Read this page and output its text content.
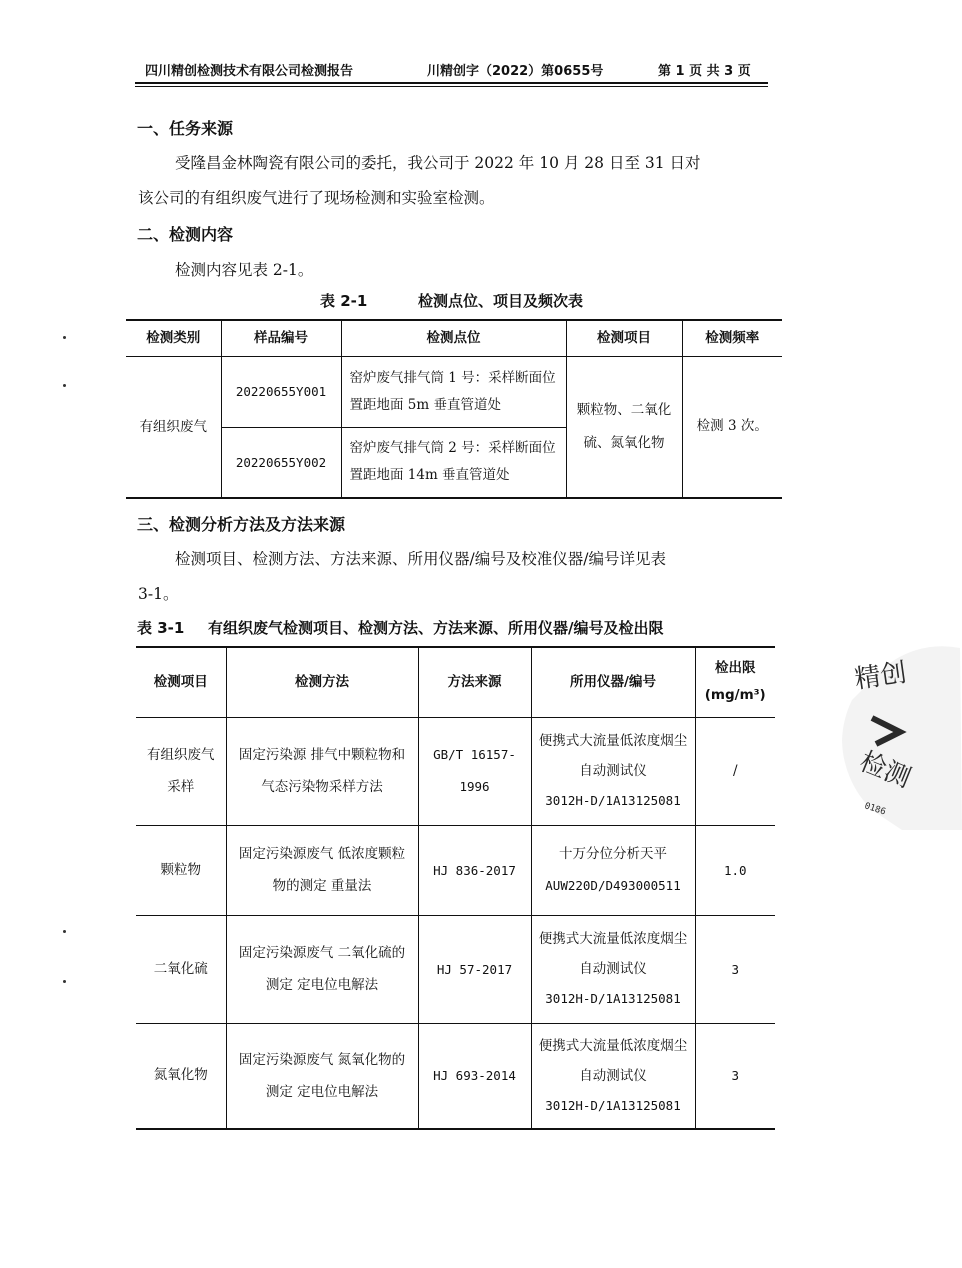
四川精创检测技术有限公司检测报告	川精创字（2022）第0655号	第 1 页 共 3 页
一、任务来源
受隆昌金林陶瓷有限公司的委托，我公司于 2022 年 10 月 28 日至 31 日对
该公司的有组织废气进行了现场检测和实验室检测。
二、检测内容
检测内容见表 2-1。
表 2-1	检测点位、项目及频次表
检测类别	样品编号	检测点位	检测项目	检测频率
有组织废气	20220655Y001	窑炉废气排气筒 1 号：采样断面位置距地面 5m 垂直管道处	颗粒物、二氧化硫、氮氧化物	检测 3 次。
	20220655Y002	窑炉废气排气筒 2 号：采样断面位置距地面 14m 垂直管道处		
三、检测分析方法及方法来源
检测项目、检测方法、方法来源、所用仪器/编号及校准仪器/编号详见表
3-1。
表 3-1 有组织废气检测项目、检测方法、方法来源、所用仪器/编号及检出限
检测项目	检测方法	方法来源	所用仪器/编号	检出限
(mg/m³)

有组织废气采样	固定污染源 排气中颗粒物和气态污染物采样方法	GB/T 16157-1996	便携式大流量低浓度烟尘自动测试仪
3012H-D/1A13125081	/
颗粒物	固定污染源废气 低浓度颗粒物的测定 重量法	HJ 836-2017	十万分位分析天平
AUW220D/D493000511	1.0
二氧化硫	固定污染源废气 二氧化硫的测定 定电位电解法	HJ 57-2017	便携式大流量低浓度烟尘自动测试仪
3012H-D/1A13125081	3
氮氧化物	固定污染源废气 氮氧化物的测定 定电位电解法	HJ 693-2014	便携式大流量低浓度烟尘自动测试仪
3012H-D/1A13125081	3
精创
检测
0186
